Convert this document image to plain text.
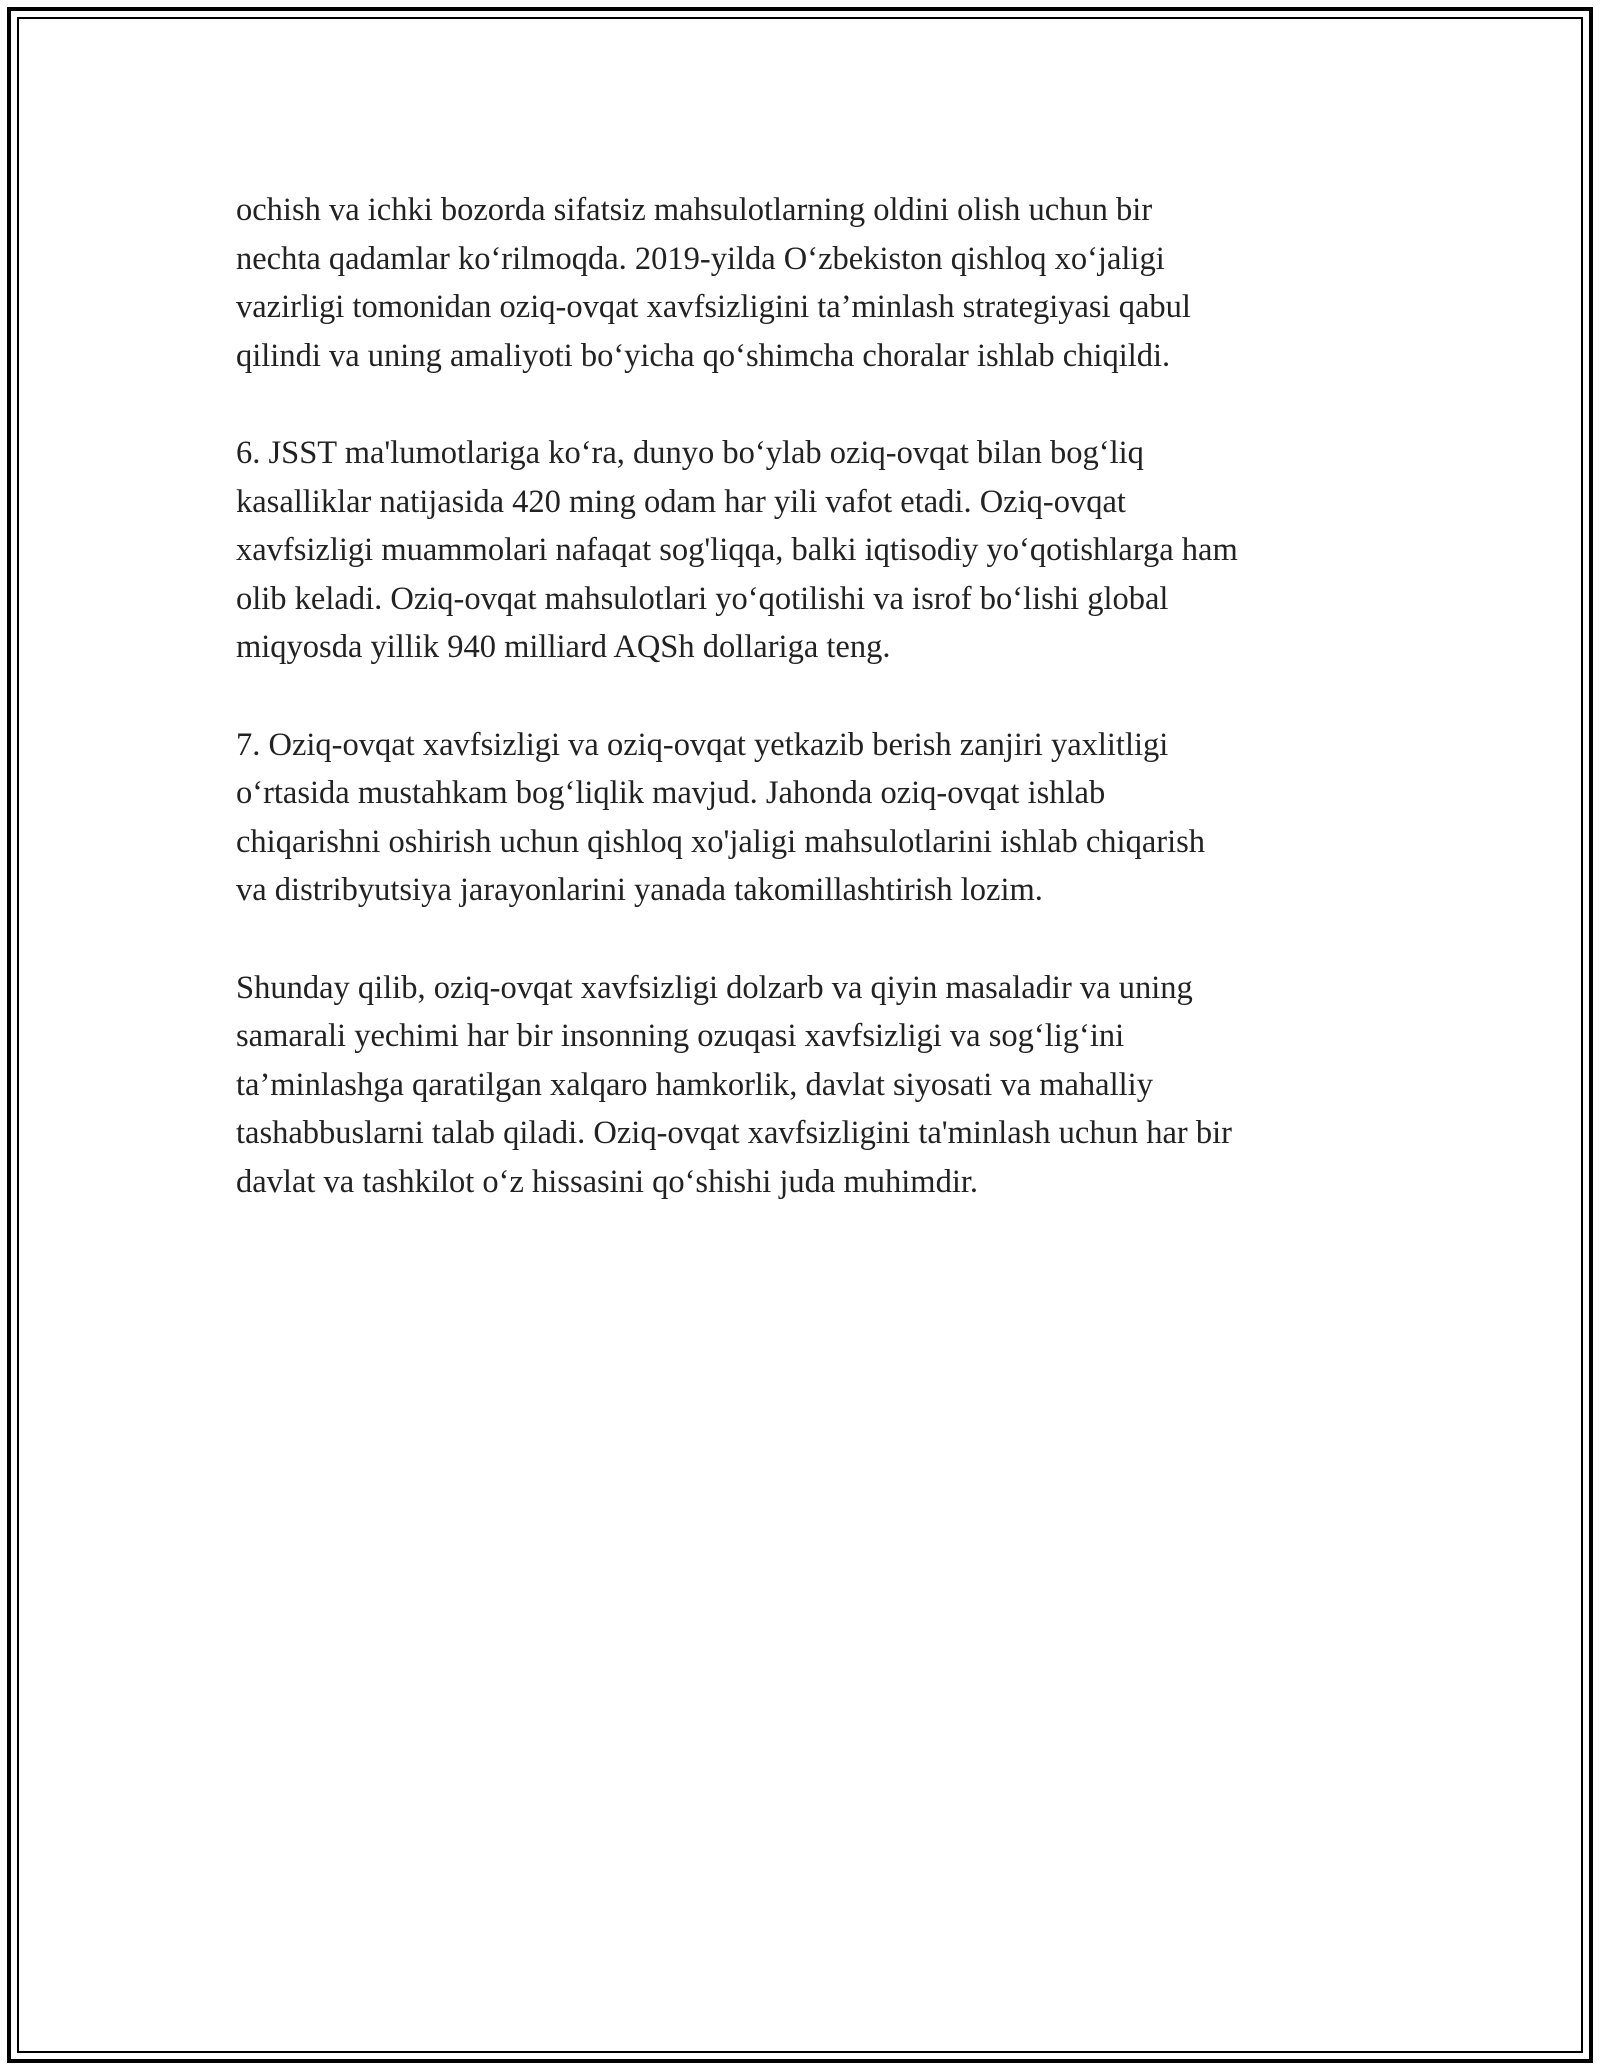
ochish va ichki bozorda sifatsiz mahsulotlarning oldini olish uchun bir
nechta qadamlar ko‘rilmoqda. 2019-yilda O‘zbekiston qishloq xo‘jaligi
vazirligi tomonidan oziq-ovqat xavfsizligini ta’minlash strategiyasi qabul
qilindi va uning amaliyoti bo‘yicha qo‘shimcha choralar ishlab chiqildi.

6. JSST ma'lumotlariga ko‘ra, dunyo bo‘ylab oziq-ovqat bilan bog‘liq
kasalliklar natijasida 420 ming odam har yili vafot etadi. Oziq-ovqat
xavfsizligi muammolari nafaqat sog'liqqa, balki iqtisodiy yo‘qotishlarga ham
olib keladi. Oziq-ovqat mahsulotlari yo‘qotilishi va isrof bo‘lishi global
miqyosda yillik 940 milliard AQSh dollariga teng.

7. Oziq-ovqat xavfsizligi va oziq-ovqat yetkazib berish zanjiri yaxlitligi
o‘rtasida mustahkam bog‘liqlik mavjud. Jahonda oziq-ovqat ishlab
chiqarishni oshirish uchun qishloq xo'jaligi mahsulotlarini ishlab chiqarish
va distribyutsiya jarayonlarini yanada takomillashtirish lozim.

Shunday qilib, oziq-ovqat xavfsizligi dolzarb va qiyin masaladir va uning
samarali yechimi har bir insonning ozuqasi xavfsizligi va sog‘lig‘ini
ta’minlashga qaratilgan xalqaro hamkorlik, davlat siyosati va mahalliy
tashabbuslarni talab qiladi. Oziq-ovqat xavfsizligini ta'minlash uchun har bir
davlat va tashkilot o‘z hissasini qo‘shishi juda muhimdir.
